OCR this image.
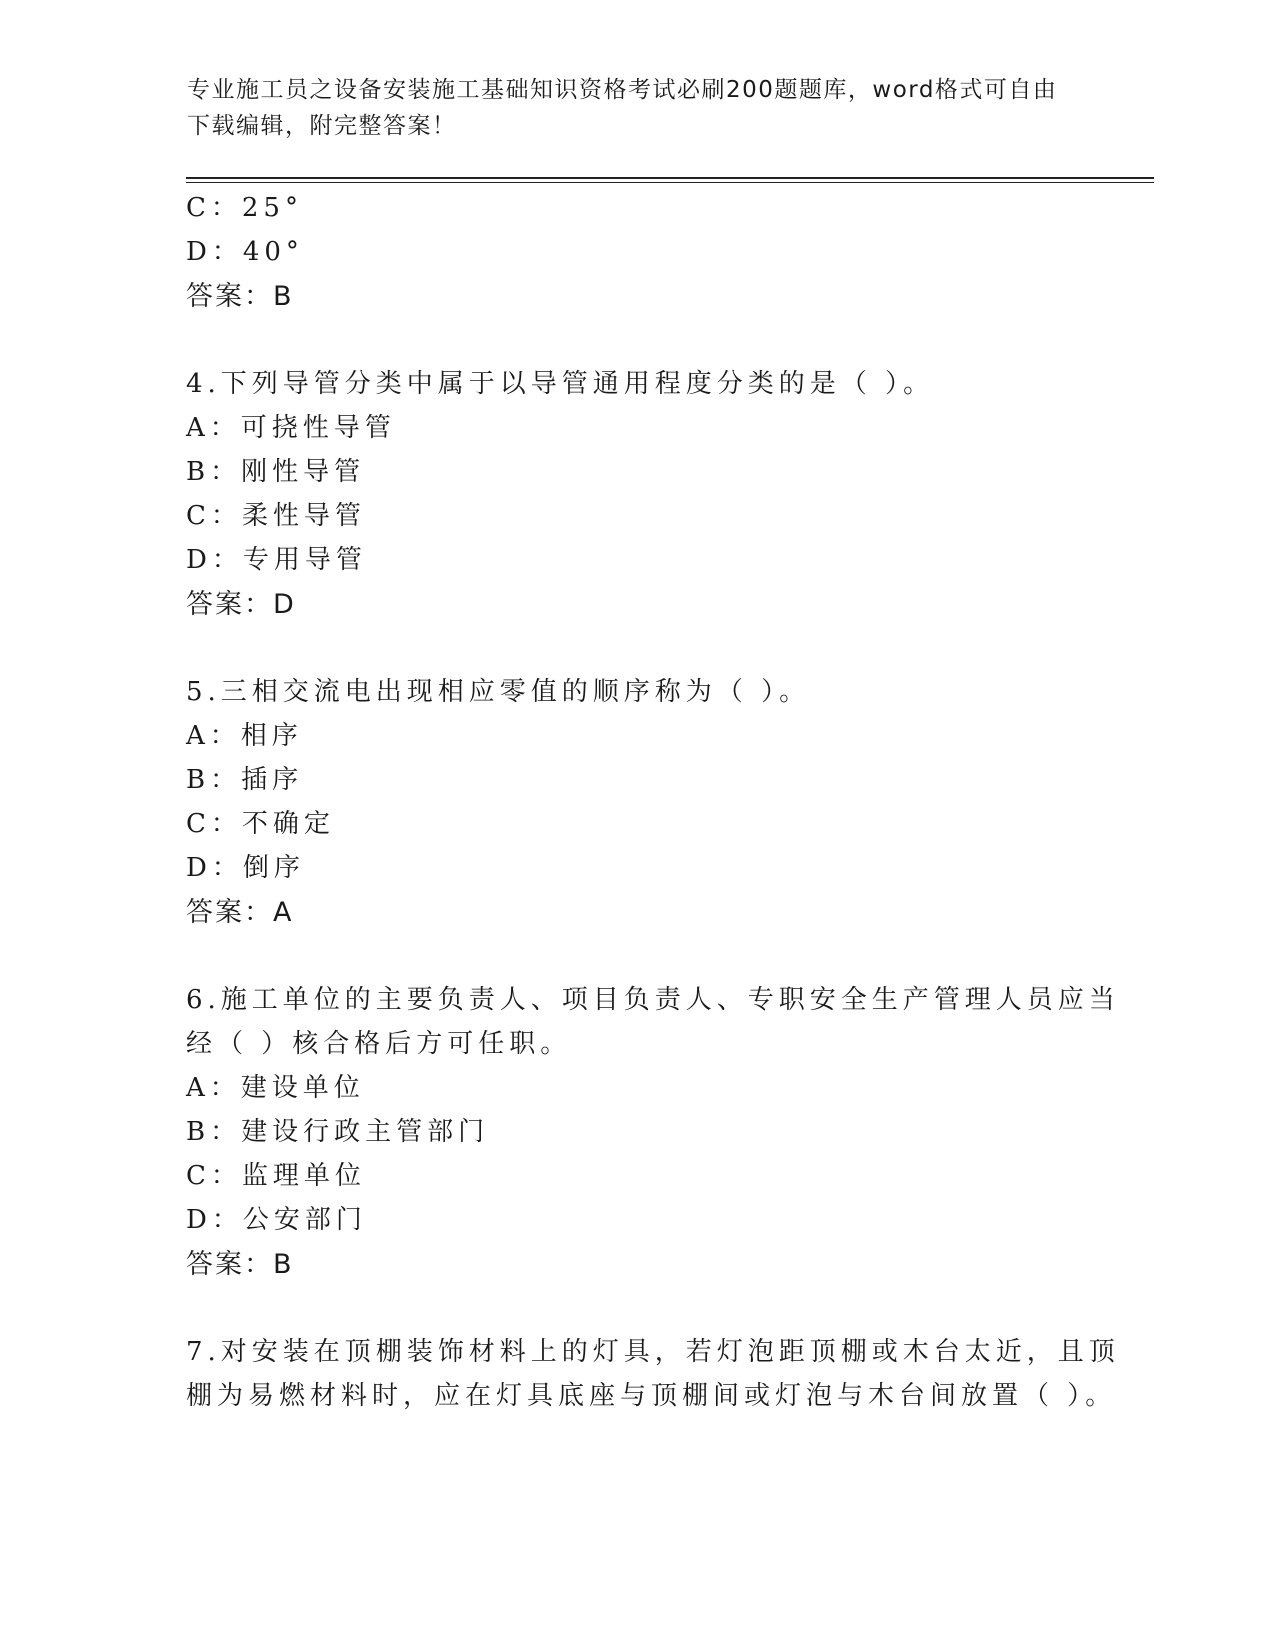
专业施工员之设备安装施工基础知识资格考试必刷200题题库，word格式可自由
下载编辑，附完整答案！
C：25°
D：40°
答案：B
4.下列导管分类中属于以导管通用程度分类的是（ ）。
A：可挠性导管
B：刚性导管
C：柔性导管
D：专用导管
答案：D
5.三相交流电出现相应零值的顺序称为（ ）。
A：相序
B：插序
C：不确定
D：倒序
答案：A
6.施工单位的主要负责人、项目负责人、专职安全生产管理人员应当
经（ ）核合格后方可任职。
A：建设单位
B：建设行政主管部门
C：监理单位
D：公安部门
答案：B
7.对安装在顶棚装饰材料上的灯具，若灯泡距顶棚或木台太近，且顶
棚为易燃材料时，应在灯具底座与顶棚间或灯泡与木台间放置（ ）。
